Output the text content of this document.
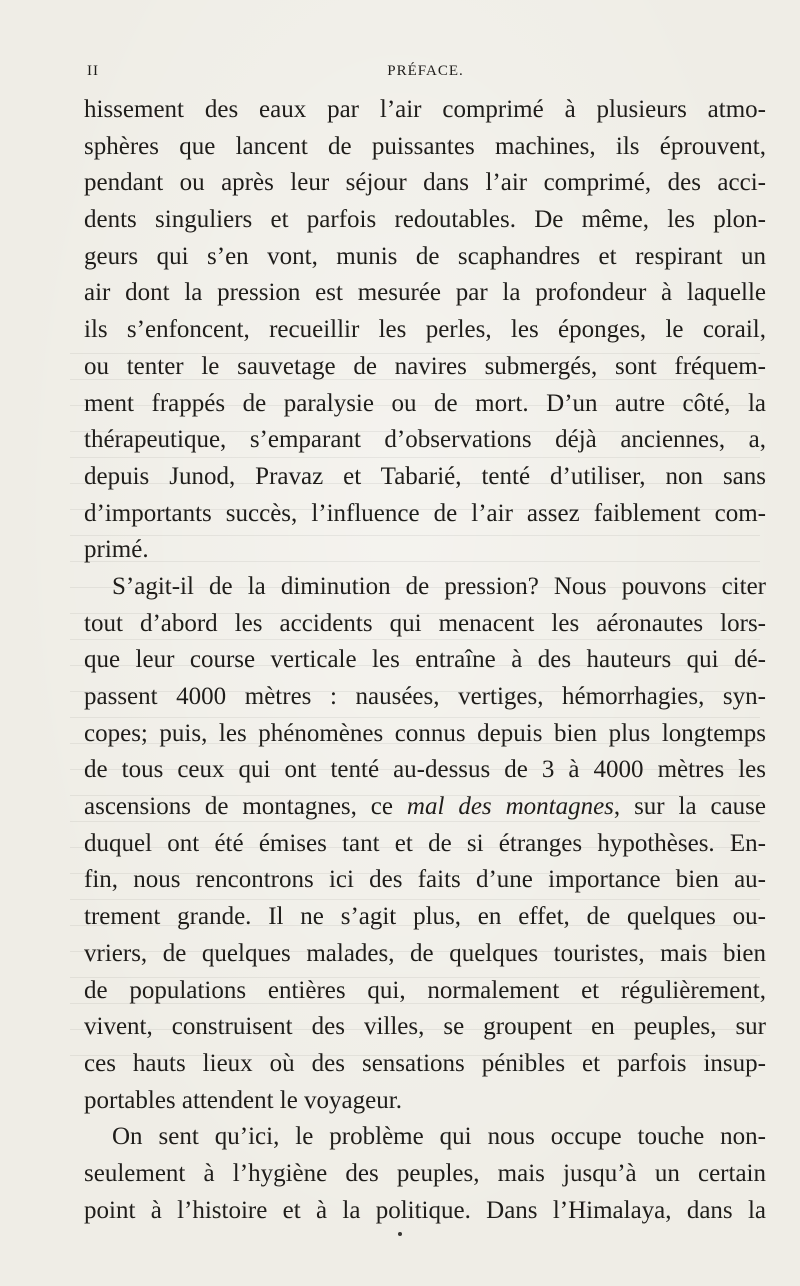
II	PRÉFACE.
hissement des eaux par l’air comprimé à plusieurs atmo-
sphères que lancent de puissantes machines, ils éprouvent,
pendant ou après leur séjour dans l’air comprimé, des acci-
dents singuliers et parfois redoutables. De même, les plon-
geurs qui s’en vont, munis de scaphandres et respirant un
air dont la pression est mesurée par la profondeur à laquelle
ils s’enfoncent, recueillir les perles, les éponges, le corail,
ou tenter le sauvetage de navires submergés, sont fréquem-
ment frappés de paralysie ou de mort. D’un autre côté, la
thérapeutique, s’emparant d’observations déjà anciennes, a,
depuis Junod, Pravaz et Tabarié, tenté d’utiliser, non sans
d’importants succès, l’influence de l’air assez faiblement com-
primé.
S’agit-il de la diminution de pression? Nous pouvons citer
tout d’abord les accidents qui menacent les aéronautes lors-
que leur course verticale les entraîne à des hauteurs qui dé-
passent 4000 mètres : nausées, vertiges, hémorrhagies, syn-
copes; puis, les phénomènes connus depuis bien plus longtemps
de tous ceux qui ont tenté au-dessus de 3 à 4000 mètres les
ascensions de montagnes, ce mal des montagnes, sur la cause
duquel ont été émises tant et de si étranges hypothèses. En-
fin, nous rencontrons ici des faits d’une importance bien au-
trement grande. Il ne s’agit plus, en effet, de quelques ou-
vriers, de quelques malades, de quelques touristes, mais bien
de populations entières qui, normalement et régulièrement,
vivent, construisent des villes, se groupent en peuples, sur
ces hauts lieux où des sensations pénibles et parfois insup-
portables attendent le voyageur.
On sent qu’ici, le problème qui nous occupe touche non-
seulement à l’hygiène des peuples, mais jusqu’à un certain
point à l’histoire et à la politique. Dans l’Himalaya, dans la
